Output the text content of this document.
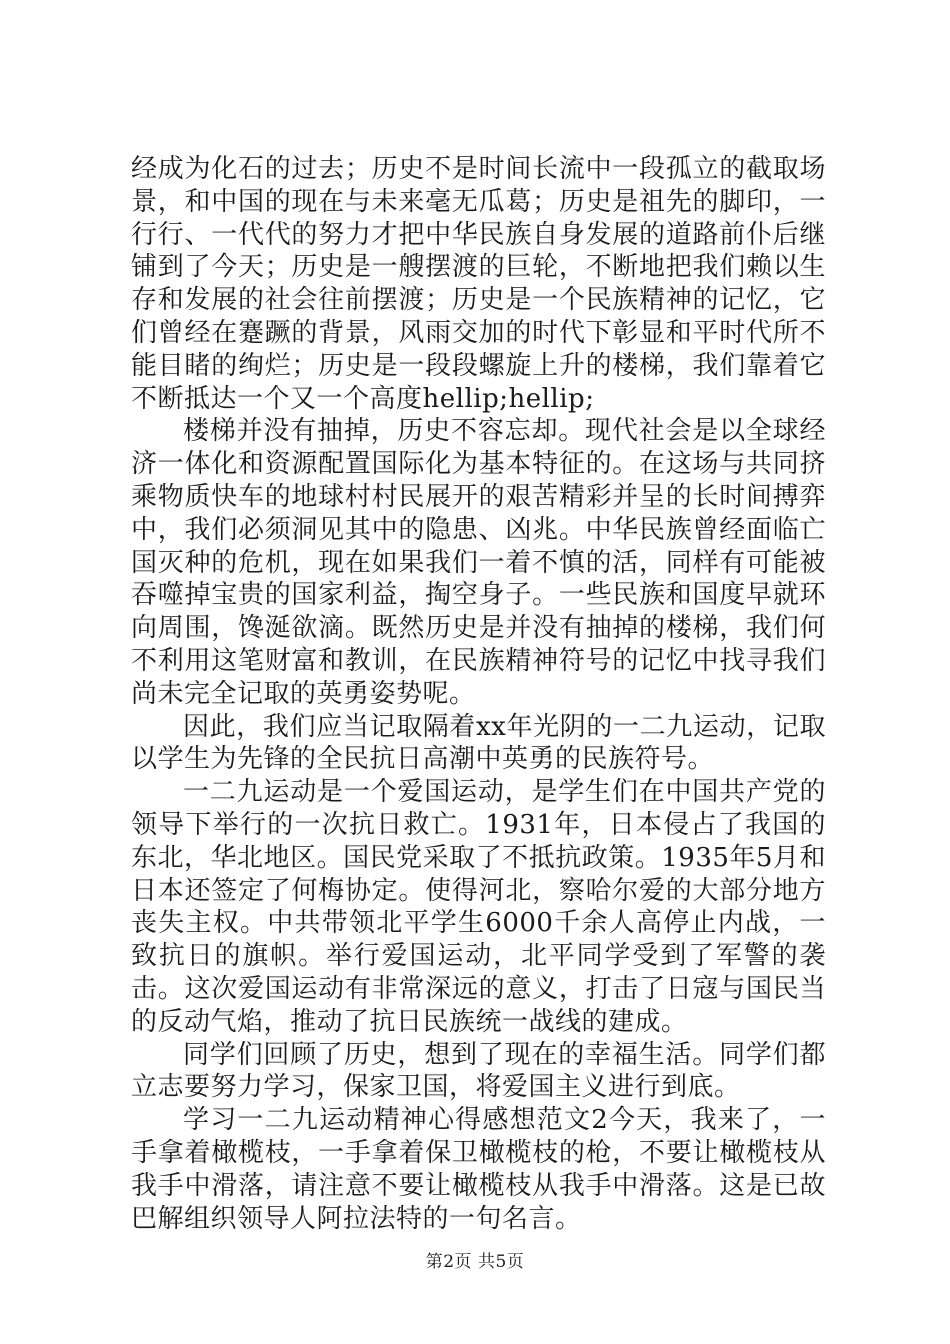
经成为化石的过去；历史不是时间长流中一段孤立的截取场景，和中国的现在与未来毫无瓜葛；历史是祖先的脚印，一行行、一代代的努力才把中华民族自身发展的道路前仆后继铺到了今天；历史是一艘摆渡的巨轮，不断地把我们赖以生存和发展的社会往前摆渡；历史是一个民族精神的记忆，它们曾经在蹇蹶的背景，风雨交加的时代下彰显和平时代所不能目睹的绚烂；历史是一段段螺旋上升的楼梯，我们靠着它不断抵达一个又一个高度hellip;hellip;

楼梯并没有抽掉，历史不容忘却。现代社会是以全球经济一体化和资源配置国际化为基本特征的。在这场与共同挤乘物质快车的地球村村民展开的艰苦精彩并呈的长时间搏弈中，我们必须洞见其中的隐患、凶兆。中华民族曾经面临亡国灭种的危机，现在如果我们一着不慎的活，同样有可能被吞噬掉宝贵的国家利益，掏空身子。一些民族和国度早就环向周围，馋涎欲滴。既然历史是并没有抽掉的楼梯，我们何不利用这笔财富和教训，在民族精神符号的记忆中找寻我们尚未完全记取的英勇姿势呢。

因此，我们应当记取隔着xx年光阴的一二九运动，记取以学生为先锋的全民抗日高潮中英勇的民族符号。

一二九运动是一个爱国运动，是学生们在中国共产党的领导下举行的一次抗日救亡。1931年，日本侵占了我国的东北，华北地区。国民党采取了不抵抗政策。1935年5月和日本还签定了何梅协定。使得河北，察哈尔爱的大部分地方丧失主权。中共带领北平学生6000千余人高停止内战，一致抗日的旗帜。举行爱国运动，北平同学受到了军警的袭击。这次爱国运动有非常深远的意义，打击了日寇与国民当的反动气焰，推动了抗日民族统一战线的建成。

同学们回顾了历史，想到了现在的幸福生活。同学们都立志要努力学习，保家卫国，将爱国主义进行到底。

学习一二九运动精神心得感想范文2今天，我来了，一手拿着橄榄枝，一手拿着保卫橄榄枝的枪，不要让橄榄枝从我手中滑落，请注意不要让橄榄枝从我手中滑落。这是已故巴解组织领导人阿拉法特的一句名言。

第2页 共5页
